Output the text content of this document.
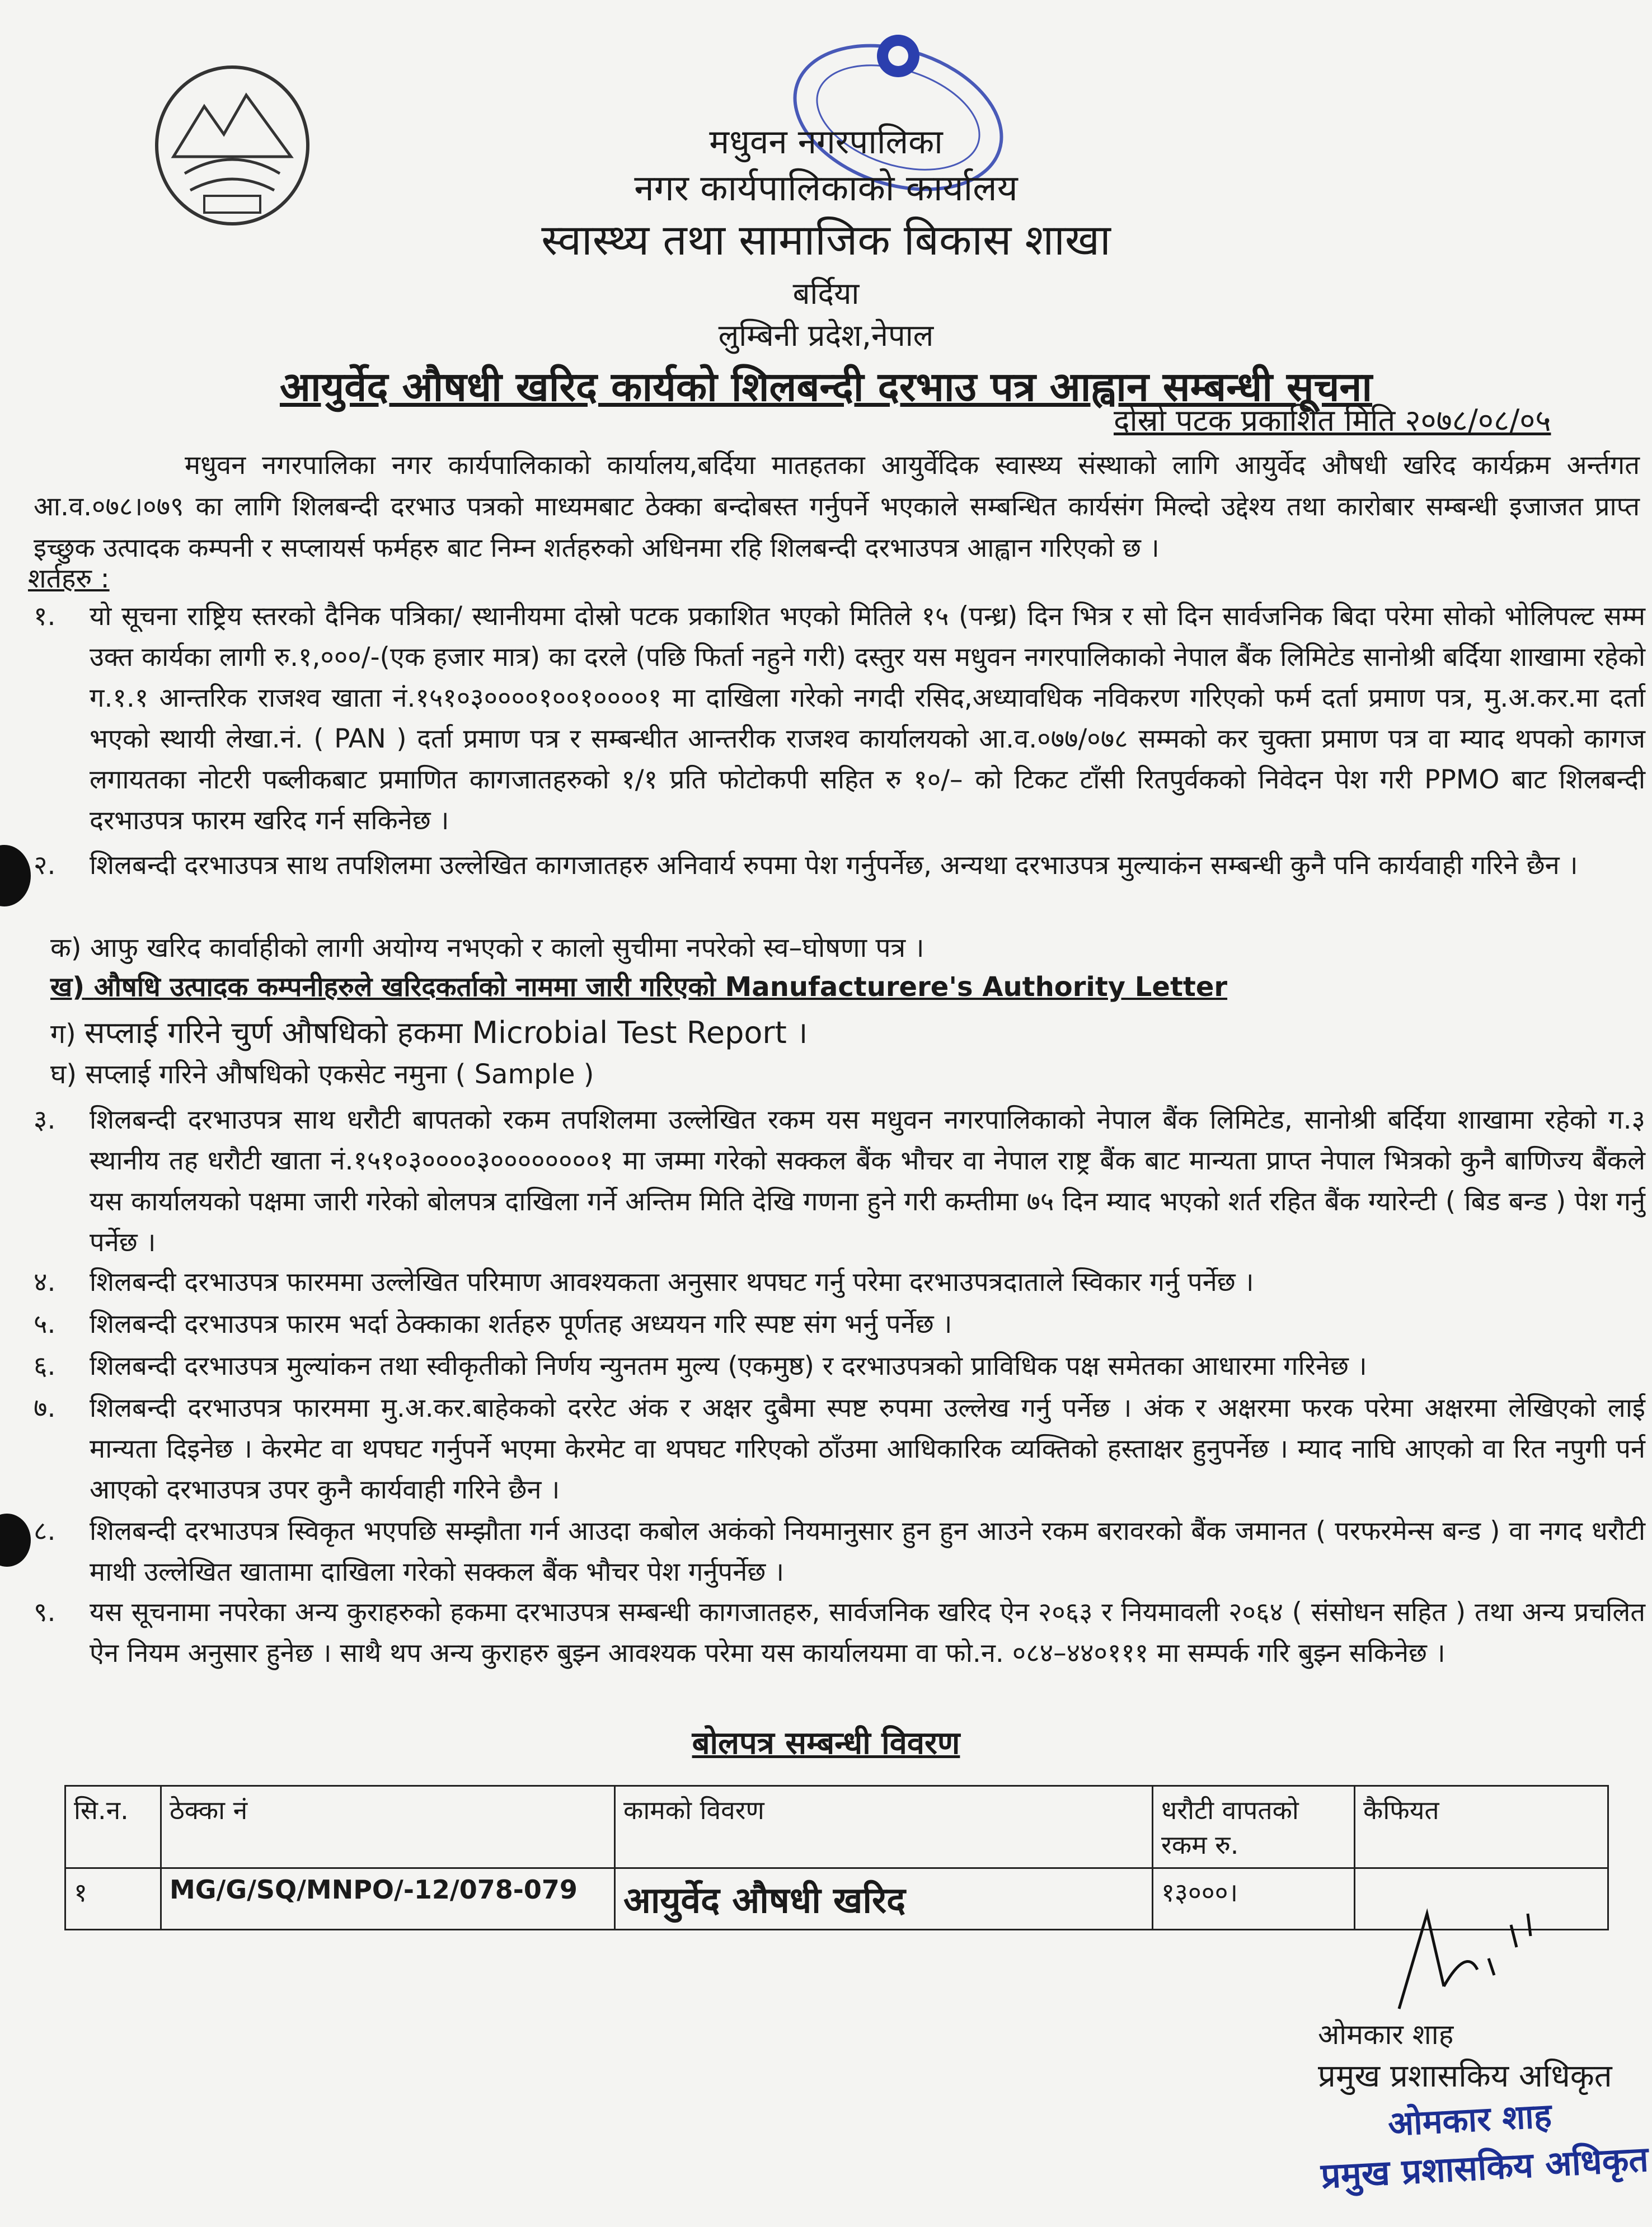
मधुवन नगरपालिका
नगर कार्यपालिकाको कार्यालय
स्वास्थ्य तथा सामाजिक बिकास शाखा
बर्दिया
लुम्बिनी प्रदेश,नेपाल
आयुर्वेद औषधी खरिद कार्यको शिलबन्दी दरभाउ पत्र आह्वान सम्बन्धी सूचना
दोस्रो पटक प्रकाशित मिति २०७८/०८/०५
मधुवन नगरपालिका नगर कार्यपालिकाको कार्यालय,बर्दिया मातहतका आयुर्वेदिक स्वास्थ्य संस्थाको लागि आयुर्वेद औषधी खरिद कार्यक्रम अर्न्तगत आ.व.०७८।०७९ का लागि शिलबन्दी दरभाउ पत्रको माध्यमबाट ठेक्का बन्दोबस्त गर्नुपर्ने भएकाले सम्बन्धित कार्यसंग मिल्दो उद्देश्य तथा कारोबार सम्बन्धी इजाजत प्राप्त इच्छुक उत्पादक कम्पनी र सप्लायर्स फर्महरु बाट निम्न शर्तहरुको अधिनमा रहि शिलबन्दी दरभाउपत्र आह्वान गरिएको छ ।
शर्तहरु :
१. यो सूचना राष्ट्रिय स्तरको दैनिक पत्रिका/ स्थानीयमा दोस्रो पटक प्रकाशित भएको मितिले १५ (पन्ध्र) दिन भित्र र सो दिन सार्वजनिक बिदा परेमा सोको भोलिपल्ट सम्म उक्त कार्यका लागी रु.१,०००/-(एक हजार मात्र) का दरले (पछि फिर्ता नहुने गरी) दस्तुर यस मधुवन नगरपालिकाको नेपाल बैंक लिमिटेड सानोश्री बर्दिया शाखामा रहेको ग.१.१ आन्तरिक राजश्व खाता नं.१५१०३००००१००१००००१ मा दाखिला गरेको नगदी रसिद,अध्यावधिक नविकरण गरिएको फर्म दर्ता प्रमाण पत्र, मु.अ.कर.मा दर्ता भएको स्थायी लेखा.नं. ( PAN ) दर्ता प्रमाण पत्र र सम्बन्धीत आन्तरीक राजश्व कार्यालयको आ.व.०७७/०७८ सम्मको कर चुक्ता प्रमाण पत्र वा म्याद थपको कागज लगायतका नोटरी पब्लीकबाट प्रमाणित कागजातहरुको १/१ प्रति फोटोकपी सहित रु १०/– को टिकट टाँसी रितपुर्वकको निवेदन पेश गरी PPMO बाट शिलबन्दी दरभाउपत्र फारम खरिद गर्न सकिनेछ ।
२. शिलबन्दी दरभाउपत्र साथ तपशिलमा उल्लेखित कागजातहरु अनिवार्य रुपमा पेश गर्नुपर्नेछ, अन्यथा दरभाउपत्र मुल्याकंन सम्बन्धी कुनै पनि कार्यवाही गरिने छैन ।
क) आफु खरिद कार्वाहीको लागी अयोग्य नभएको र कालो सुचीमा नपरेको स्व–घोषणा पत्र ।
ख) औषधि उत्पादक कम्पनीहरुले खरिदकर्ताको नाममा जारी गरिएको Manufacturere's Authority Letter
ग) सप्लाई गरिने चुर्ण औषधिको हकमा Microbial Test Report ।
घ) सप्लाई गरिने औषधिको एकसेट नमुना ( Sample )
३. शिलबन्दी दरभाउपत्र साथ धरौटी बापतको रकम तपशिलमा उल्लेखित रकम यस मधुवन नगरपालिकाको नेपाल बैंक लिमिटेड, सानोश्री बर्दिया शाखामा रहेको ग.३ स्थानीय तह धरौटी खाता नं.१५१०३००००३००००००००१ मा जम्मा गरेको सक्कल बैंक भौचर वा नेपाल राष्ट्र बैंक बाट मान्यता प्राप्त नेपाल भित्रको कुनै बाणिज्य बैंकले यस कार्यालयको पक्षमा जारी गरेको बोलपत्र दाखिला गर्ने अन्तिम मिति देखि गणना हुने गरी कम्तीमा ७५ दिन म्याद भएको शर्त रहित बैंक ग्यारेन्टी ( बिड बन्ड ) पेश गर्नु पर्नेछ ।
४. शिलबन्दी दरभाउपत्र फारममा उल्लेखित परिमाण आवश्यकता अनुसार थपघट गर्नु परेमा दरभाउपत्रदाताले स्विकार गर्नु पर्नेछ ।
५. शिलबन्दी दरभाउपत्र फारम भर्दा ठेक्काका शर्तहरु पूर्णतह अध्ययन गरि स्पष्ट संग भर्नु पर्नेछ ।
६. शिलबन्दी दरभाउपत्र मुल्यांकन तथा स्वीकृतीको निर्णय न्युनतम मुल्य (एकमुष्ठ) र दरभाउपत्रको प्राविधिक पक्ष समेतका आधारमा गरिनेछ ।
७. शिलबन्दी दरभाउपत्र फारममा मु.अ.कर.बाहेकको दररेट अंक र अक्षर दुबैमा स्पष्ट रुपमा उल्लेख गर्नु पर्नेछ । अंक र अक्षरमा फरक परेमा अक्षरमा लेखिएको लाई मान्यता दिइनेछ । केरमेट वा थपघट गर्नुपर्ने भएमा केरमेट वा थपघट गरिएको ठाँउमा आधिकारिक व्यक्तिको हस्ताक्षर हुनुपर्नेछ । म्याद नाघि आएको वा रित नपुगी पर्न आएको दरभाउपत्र उपर कुनै कार्यवाही गरिने छैन ।
८. शिलबन्दी दरभाउपत्र स्विकृत भएपछि सम्झौता गर्न आउदा कबोल अकंको नियमानुसार हुन हुन आउने रकम बरावरको बैंक जमानत ( परफरमेन्स बन्ड ) वा नगद धरौटी माथी उल्लेखित खातामा दाखिला गरेको सक्कल बैंक भौचर पेश गर्नुपर्नेछ ।
बोलपत्र सम्बन्धी विवरण
सि.न.	ठेक्का नं	कामको विवरण	धरौटी वापतको रकम रु.	कैफियत
१	MG/G/SQ/MNPO/-12/078-079	आयुर्वेद औषधी खरिद	१३०००।	
ओमकार शाह
प्रमुख प्रशासकिय अधिकृत
ओमकार शाह
प्रमुख प्रशासकिय अधिकृत
९. यस सूचनामा नपरेका अन्य कुराहरुको हकमा दरभाउपत्र सम्बन्धी कागजातहरु, सार्वजनिक खरिद ऐन २०६३ र नियमावली २०६४ ( संसोधन सहित ) तथा अन्य प्रचलित ऐन नियम अनुसार हुनेछ । साथै थप अन्य कुराहरु बुझ्न आवश्यक परेमा यस कार्यालयमा वा फो.न. ०८४–४४०१११ मा सम्पर्क गरि बुझ्न सकिनेछ ।
